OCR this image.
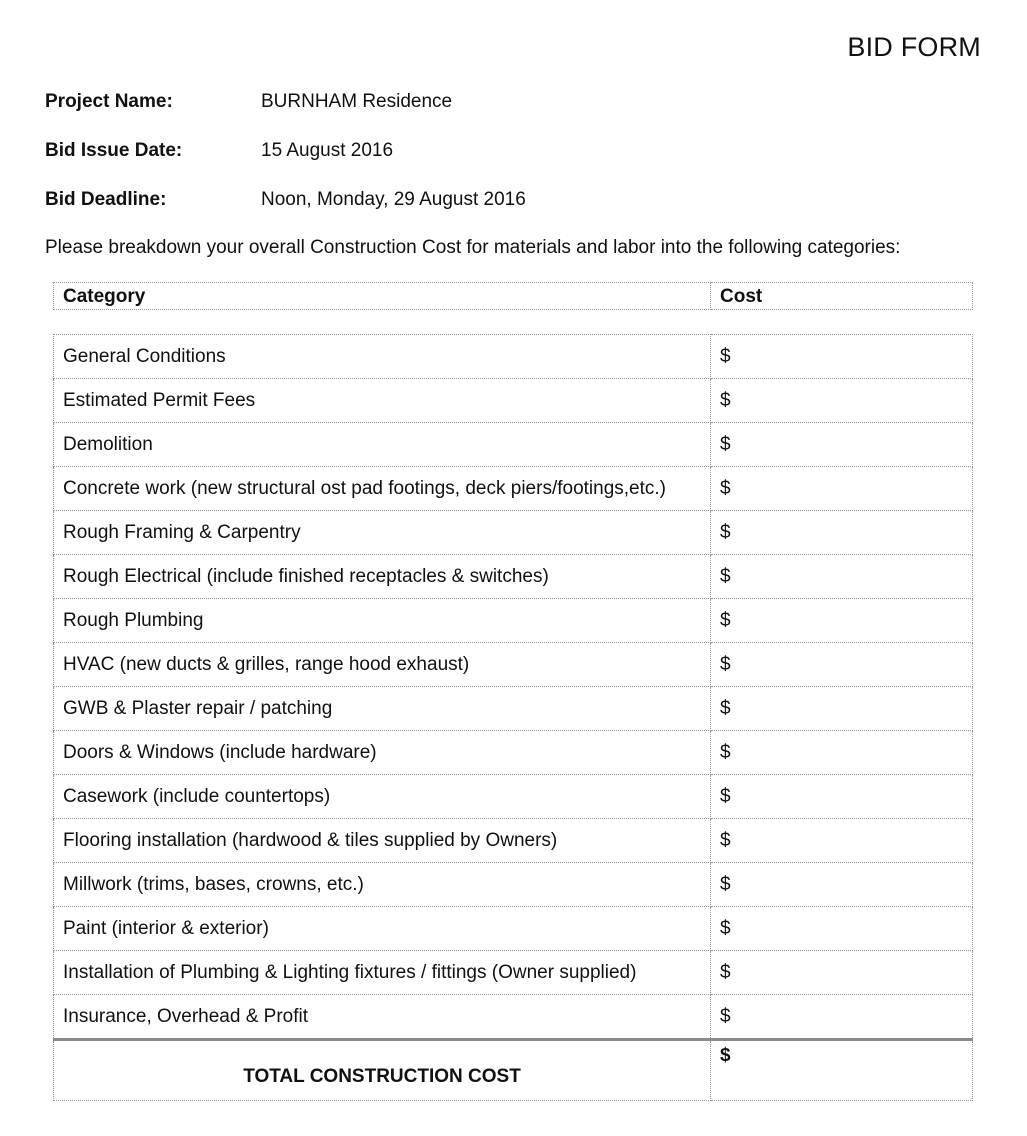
BID FORM
Project Name:	BURNHAM Residence
Bid Issue Date:	15 August 2016
Bid Deadline:	Noon, Monday, 29 August 2016
Please breakdown your overall Construction Cost for materials and labor into the following categories:
Category	Cost
General Conditions	$
Estimated Permit Fees	$
Demolition	$
Concrete work (new structural ost pad footings, deck piers/footings,etc.)	$
Rough Framing & Carpentry	$
Rough Electrical (include finished receptacles & switches)	$
Rough Plumbing	$
HVAC (new ducts & grilles, range hood exhaust)	$
GWB & Plaster repair / patching	$
Doors & Windows (include hardware)	$
Casework (include countertops)	$
Flooring installation (hardwood & tiles supplied by Owners)	$
Millwork (trims, bases, crowns, etc.)	$
Paint (interior & exterior)	$
Installation of Plumbing & Lighting fixtures / fittings (Owner supplied)	$
Insurance, Overhead & Profit	$
TOTAL CONSTRUCTION COST	$
